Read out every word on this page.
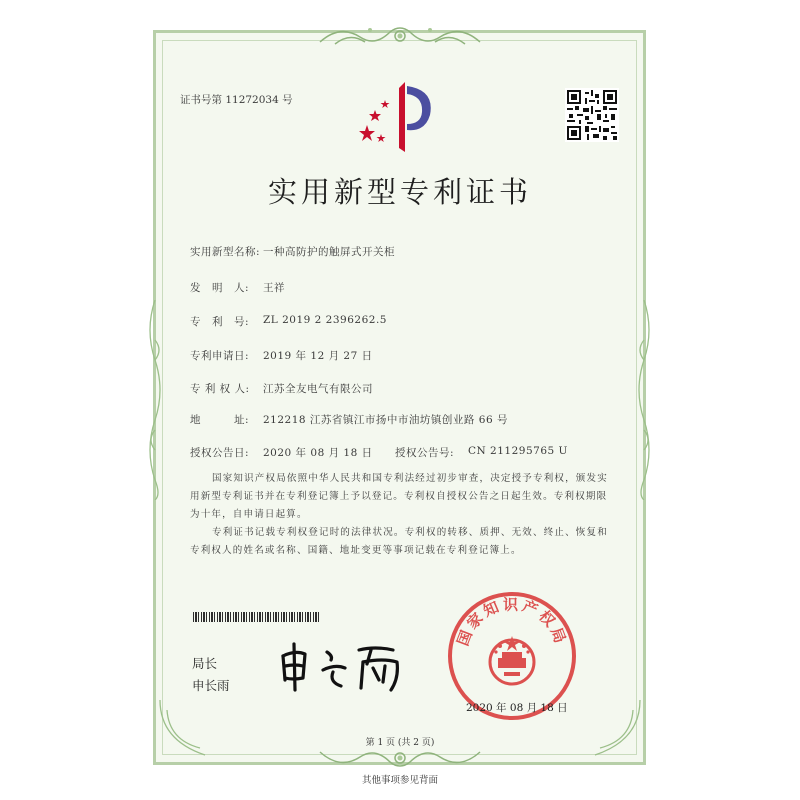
证书号第 11272034 号
实用新型专利证书
实用新型名称: 一种高防护的触屏式开关柜
发　明　人: 王祥
专　利　号: ZL 2019 2 2396262.5
专利申请日: 2019 年 12 月 27 日
专 利 权 人: 江苏全友电气有限公司
地　　　址: 212218 江苏省镇江市扬中市油坊镇创业路 66 号
授权公告日: 2020 年 08 月 18 日 授权公告号: CN 211295765 U
国家知识产权局依照中华人民共和国专利法经过初步审查，决定授予专利权，颁发实用新型专利证书并在专利登记簿上予以登记。专利权自授权公告之日起生效。专利权期限为十年，自申请日起算。
专利证书记载专利权登记时的法律状况。专利权的转移、质押、无效、终止、恢复和专利权人的姓名或名称、国籍、地址变更等事项记载在专利登记簿上。
局长
申长雨
国家知识产权局
2020 年 08 月 18 日
第 1 页 (共 2 页)
其他事项参见背面
